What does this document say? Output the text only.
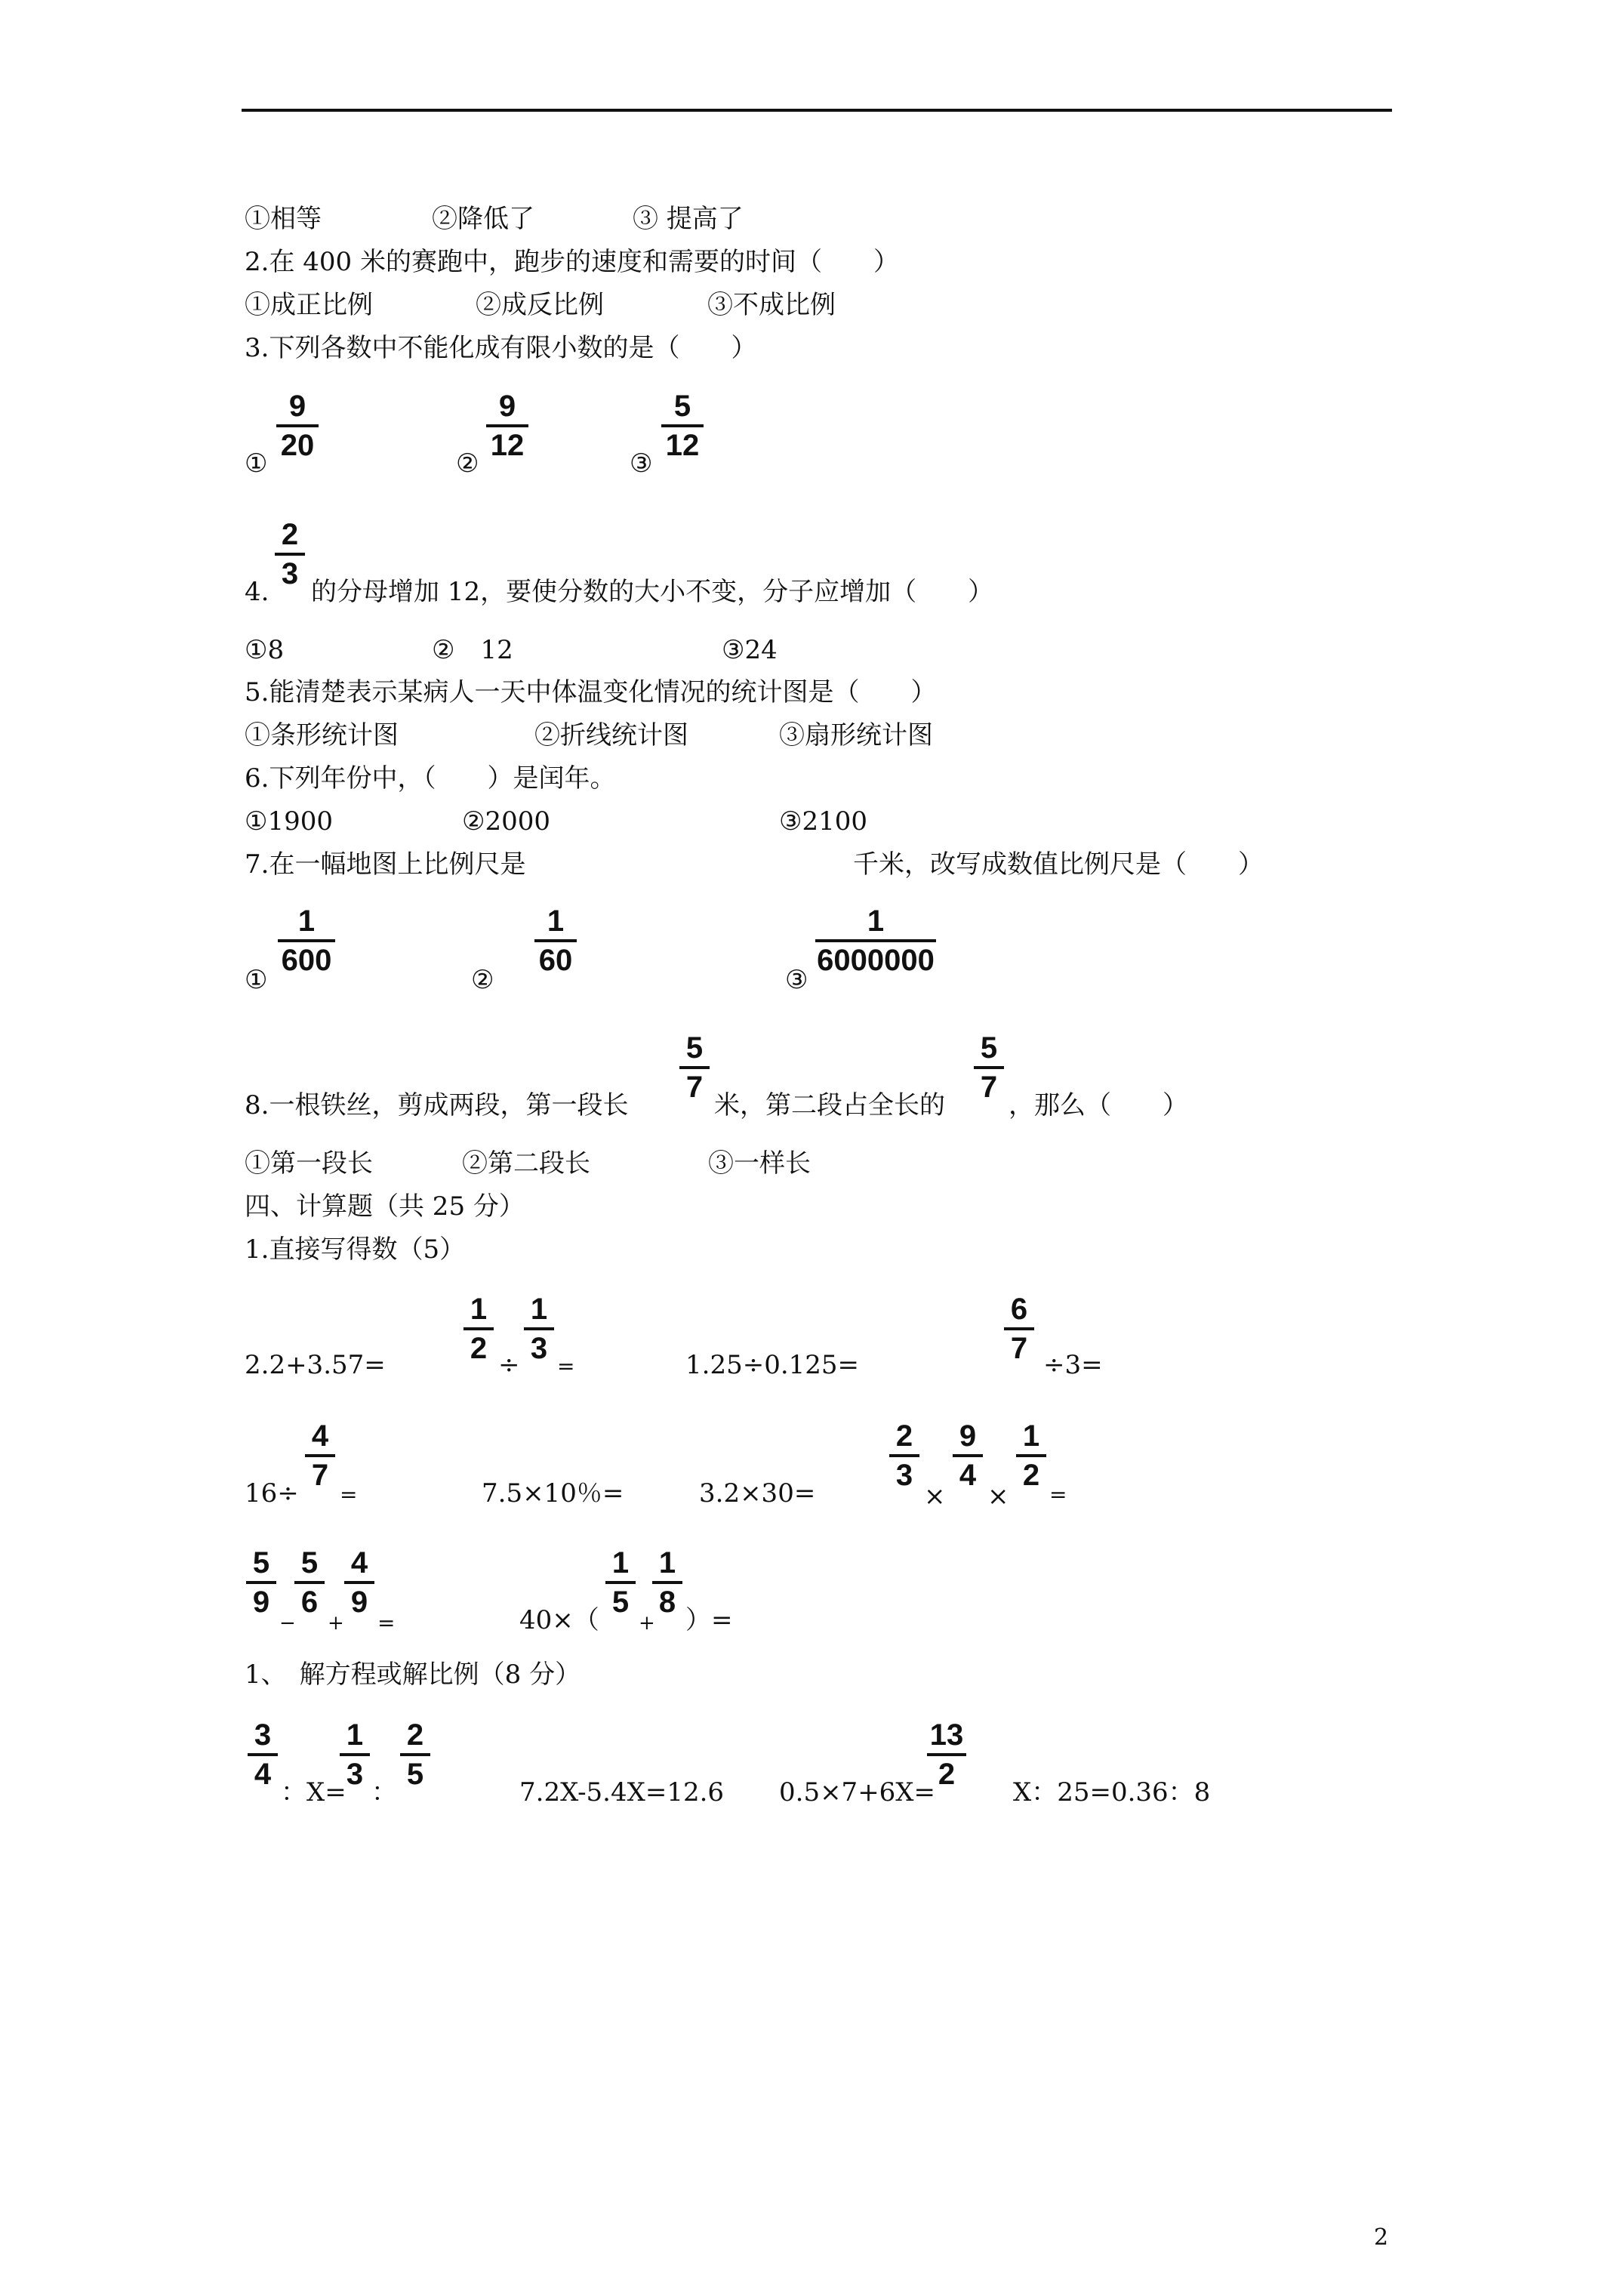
①相等	②降低了	③ 提高了
2.在 400 米的赛跑中，跑步的速度和需要的时间（　　）
①成正比例	②成反比例	③不成比例
3.下列各数中不能化成有限小数的是（　　）
①
9
20
②
9
12
③
5
12
4.
2
3
的分母增加 12，要使分数的大小不变，分子应增加（　　）
①8	②　12	③24
5.能清楚表示某病人一天中体温变化情况的统计图是（　　）
①条形统计图	②折线统计图	③扇形统计图
6.下列年份中，（　　）是闰年。
①1900	②2000	③2100
7.在一幅地图上比例尺是	千米，改写成数值比例尺是（　　）
①
1
600
②
1
60
③
1
6000000
8.一根铁丝，剪成两段，第一段长
5
7
米，第二段占全长的
5
7
，那么（　　）
①第一段长	②第二段长	③一样长
四、计算题（共 25 分）
1.直接写得数（5）
2.2+3.57=
1
2 ÷
1
3
=	1.25÷0.125=
6
7 ÷3=
16÷
4
7
=	7.5×10％=	3.2×30=
2
3
×
9
4
×
1
2
=
5
9
−
5
6
+
4
9
=	40×（
1
5
+
1
8
）=
1、　解方程或解比例（8 分）
3
4
：X=
1
3
：
2
5
7.2X-5.4X=12.6 0.5×7+6X=
13
2
X：25=0.36：8
2
